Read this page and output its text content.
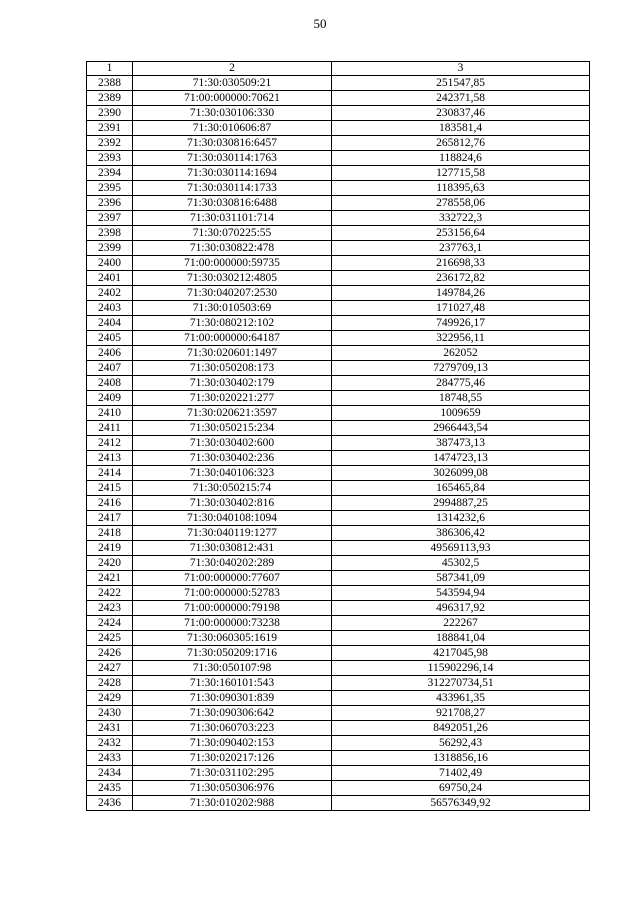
50
1	2	3
2388	71:30:030509:21	251547,85
2389	71:00:000000:70621	242371,58
2390	71:30:030106:330	230837,46
2391	71:30:010606:87	183581,4
2392	71:30:030816:6457	265812,76
2393	71:30:030114:1763	118824,6
2394	71:30:030114:1694	127715,58
2395	71:30:030114:1733	118395,63
2396	71:30:030816:6488	278558,06
2397	71:30:031101:714	332722,3
2398	71:30:070225:55	253156,64
2399	71:30:030822:478	237763,1
2400	71:00:000000:59735	216698,33
2401	71:30:030212:4805	236172,82
2402	71:30:040207:2530	149784,26
2403	71:30:010503:69	171027,48
2404	71:30:080212:102	749926,17
2405	71:00:000000:64187	322956,11
2406	71:30:020601:1497	262052
2407	71:30:050208:173	7279709,13
2408	71:30:030402:179	284775,46
2409	71:30:020221:277	18748,55
2410	71:30:020621:3597	1009659
2411	71:30:050215:234	2966443,54
2412	71:30:030402:600	387473,13
2413	71:30:030402:236	1474723,13
2414	71:30:040106:323	3026099,08
2415	71:30:050215:74	165465,84
2416	71:30:030402:816	2994887,25
2417	71:30:040108:1094	1314232,6
2418	71:30:040119:1277	386306,42
2419	71:30:030812:431	49569113,93
2420	71:30:040202:289	45302,5
2421	71:00:000000:77607	587341,09
2422	71:00:000000:52783	543594,94
2423	71:00:000000:79198	496317,92
2424	71:00:000000:73238	222267
2425	71:30:060305:1619	188841,04
2426	71:30:050209:1716	4217045,98
2427	71:30:050107:98	115902296,14
2428	71:30:160101:543	312270734,51
2429	71:30:090301:839	433961,35
2430	71:30:090306:642	921708,27
2431	71:30:060703:223	8492051,26
2432	71:30:090402:153	56292,43
2433	71:30:020217:126	1318856,16
2434	71:30:031102:295	71402,49
2435	71:30:050306:976	69750,24
2436	71:30:010202:988	56576349,92
